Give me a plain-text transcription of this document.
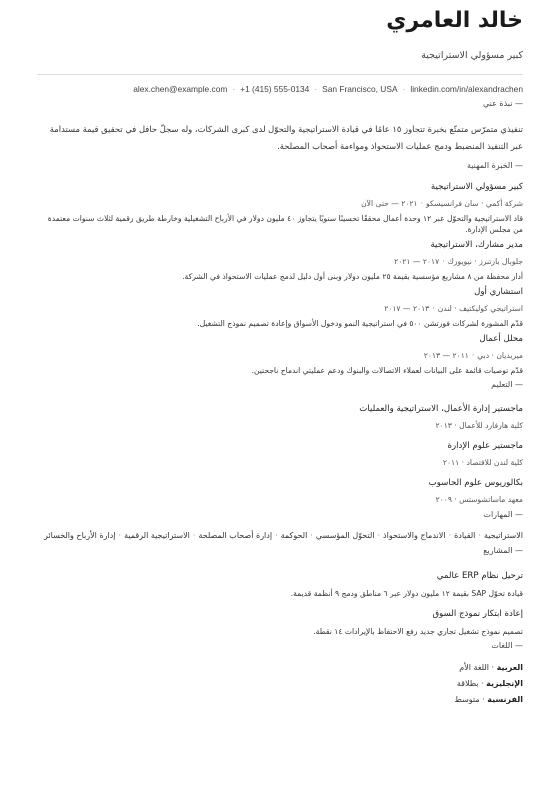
خالد العامري
كبير مسؤولي الاستراتيجية
alex.chen@example.com · +1 (415) 555-0134 · San Francisco, USA · linkedin.com/in/alexandrachen
— نبذة عني
تنفيذي متمرّس متمتّع بخبرة تتجاوز ١٥ عامًا في قيادة الاستراتيجية والتحوّل لدى كبرى الشركات، وله سجلّ حافل في تحقيق قيمة مستدامة عبر التنفيذ المنضبط ودمج عمليات الاستحواذ ومواءمة أصحاب المصلحة.
— الخبرة المهنية
كبير مسؤولي الاستراتيجية
شركة أكمي · سان فرانسيسكو·٢٠٢١ — حتى الآن
قاد الاستراتيجية والتحوّل عبر ١٢ وحدة أعمال محققًا تحسينًا سنويًا يتجاوز ٤٠ مليون دولار في الأرباح التشغيلية وخارطة طريق رقمية لثلاث سنوات معتمدة من مجلس الإدارة.
مدير مشارك، الاستراتيجية
جلوبال بارتنرز · نيويورك·٢٠١٧ — ٢٠٢١
أدار محفظة من ٨ مشاريع مؤسسية بقيمة ٢٥ مليون دولار وبنى أول دليل لدمج عمليات الاستحواذ في الشركة.
استشاري أول
استراتيجي كوليكتيف · لندن·٢٠١٣ — ٢٠١٧
قدّم المشورة لشركات فورتشن ٥٠٠ في استراتيجية النمو ودخول الأسواق وإعادة تصميم نموذج التشغيل.
محلل أعمال
ميريديان · دبي·٢٠١١ — ٢٠١٣
قدّم توصيات قائمة على البيانات لعملاء الاتصالات والبنوك ودعم عمليتي اندماج ناجحتين.
— التعليم
ماجستير إدارة الأعمال، الاستراتيجية والعمليات
كلية هارفارد للأعمال · ٢٠١٣
ماجستير علوم الإدارة
كلية لندن للاقتصاد · ٢٠١١
بكالوريوس علوم الحاسوب
معهد ماساتشوستس · ٢٠٠٩
— المهارات
الاستراتيجية·القيادة·الاندماج والاستحواذ·التحوّل المؤسسي·الحوكمة·إدارة أصحاب المصلحة·الاستراتيجية الرقمية·إدارة الأرباح والخسائر
— المشاريع
ترحيل نظام ERP عالمي
قيادة تحوّل SAP بقيمة ١٢ مليون دولار عبر ٦ مناطق ودمج ٩ أنظمة قديمة.
إعادة ابتكار نموذج السوق
تصميم نموذج تشغيل تجاري جديد رفع الاحتفاظ بالإيرادات ١٤ نقطة.
— اللغات
العربية · اللغة الأم
الإنجليزية · بطلاقة
الفرنسية · متوسط
